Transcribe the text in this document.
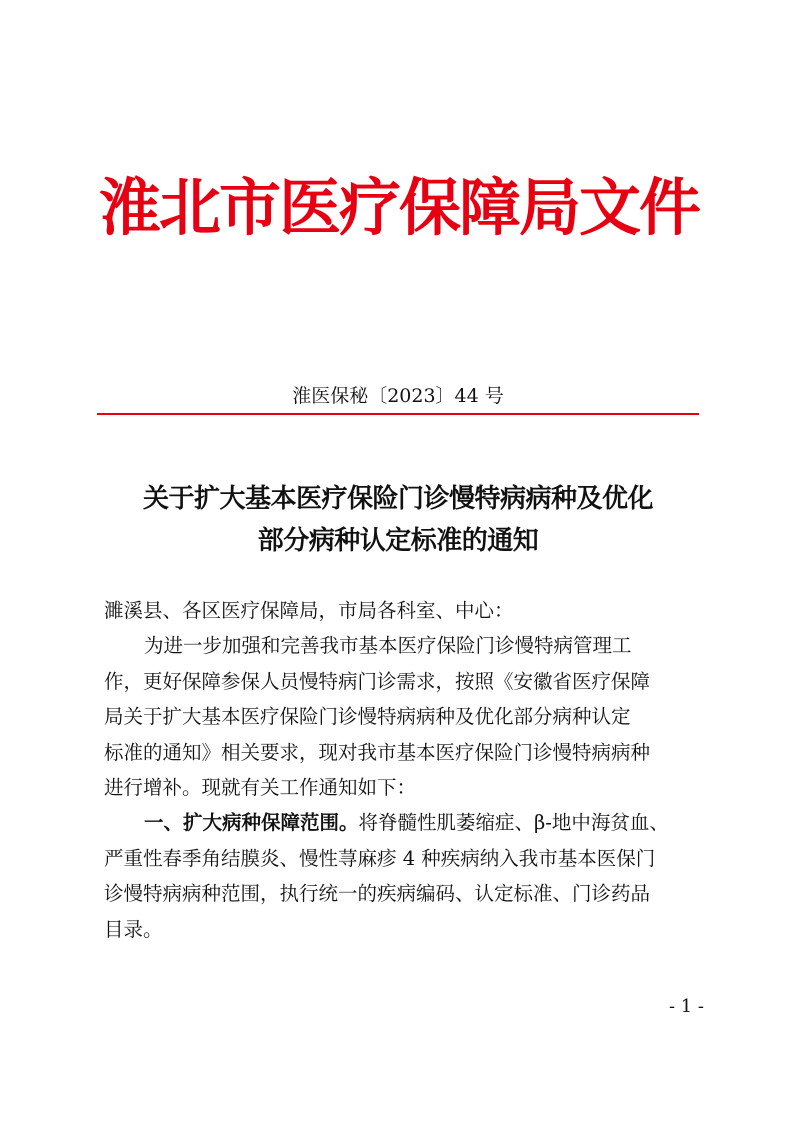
淮北市医疗保障局文件
淮医保秘〔2023〕44 号
关于扩大基本医疗保险门诊慢特病病种及优化
部分病种认定标准的通知
濉溪县、各区医疗保障局，市局各科室、中心：
为进一步加强和完善我市基本医疗保险门诊慢特病管理工
作，更好保障参保人员慢特病门诊需求，按照《安徽省医疗保障
局关于扩大基本医疗保险门诊慢特病病种及优化部分病种认定
标准的通知》相关要求，现对我市基本医疗保险门诊慢特病病种
进行增补。现就有关工作通知如下：
一、扩大病种保障范围。将脊髓性肌萎缩症、β-地中海贫血、
严重性春季角结膜炎、慢性荨麻疹 4 种疾病纳入我市基本医保门
诊慢特病病种范围，执行统一的疾病编码、认定标准、门诊药品
目录。
- 1 -
